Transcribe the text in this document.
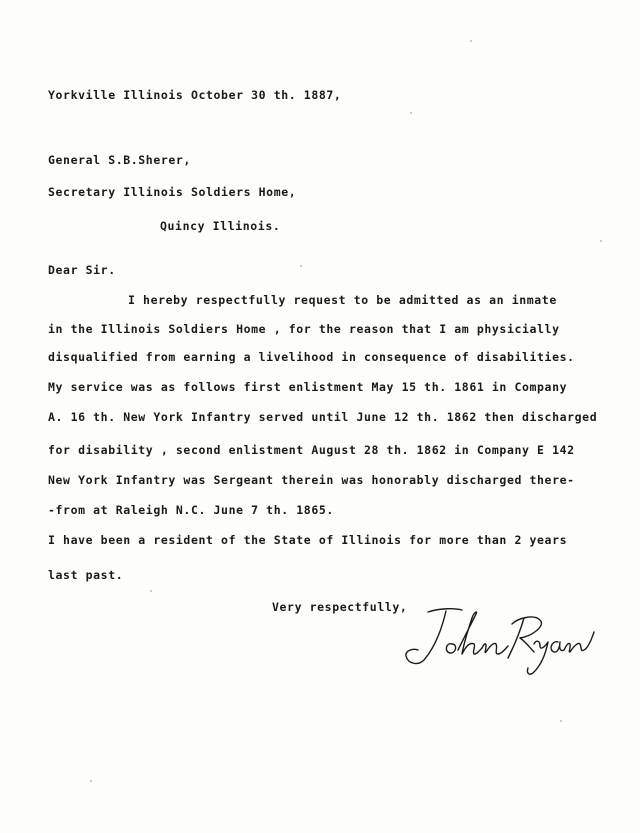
Yorkville Illinois October 30 th. 1887,
General S.B.Sherer,
Secretary Illinois Soldiers Home,
Quincy Illinois.
Dear Sir.
I hereby respectfully request to be admitted as an inmate
in the Illinois Soldiers Home , for the reason that I am physicially
disqualified from earning a livelihood in consequence of disabilities.
My service was as follows first enlistment May 15 th. 1861 in Company
A. 16 th. New York Infantry served until June 12 th. 1862 then discharged
for disability , second enlistment August 28 th. 1862 in Company E 142
New York Infantry was Sergeant therein was honorably discharged there-
-from at Raleigh N.C. June 7 th. 1865.
I have been a resident of the State of Illinois for more than 2 years
last past.
Very respectfully,
